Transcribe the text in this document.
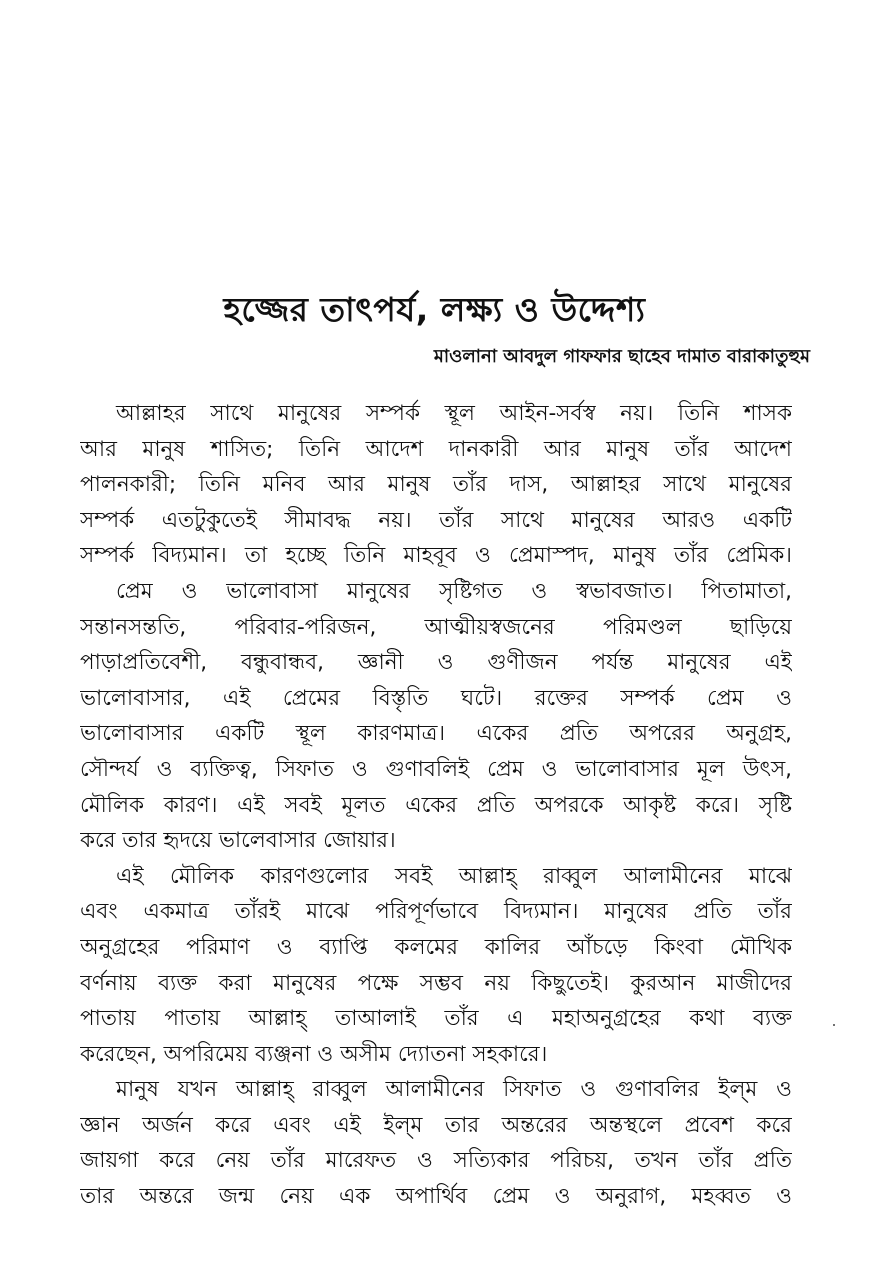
হজ্জের তাৎপর্য, লক্ষ্য ও উদ্দেশ্য
মাওলানা আবদুল গাফফার ছাহেব দামাত বারাকাতুহুম
আল্লাহর সাথে মানুষের সম্পর্ক স্থূল আইন-সর্বস্ব নয়। তিনি শাসক
আর মানুষ শাসিত; তিনি আদেশ দানকারী আর মানুষ তাঁর আদেশ
পালনকারী; তিনি মনিব আর মানুষ তাঁর দাস, আল্লাহর সাথে মানুষের
সম্পর্ক এতটুকুতেই সীমাবদ্ধ নয়। তাঁর সাথে মানুষের আরও একটি
সম্পর্ক বিদ্যমান। তা হচ্ছে তিনি মাহবূব ও প্রেমাস্পদ, মানুষ তাঁর প্রেমিক।
প্রেম ও ভালোবাসা মানুষের সৃষ্টিগত ও স্বভাবজাত। পিতামাতা,
সন্তানসন্ততি, পরিবার-পরিজন, আত্মীয়স্বজনের পরিমণ্ডল ছাড়িয়ে
পাড়াপ্রতিবেশী, বন্ধুবান্ধব, জ্ঞানী ও গুণীজন পর্যন্ত মানুষের এই
ভালোবাসার, এই প্রেমের বিস্তৃতি ঘটে। রক্তের সম্পর্ক প্রেম ও
ভালোবাসার একটি স্থূল কারণমাত্র। একের প্রতি অপরের অনুগ্রহ,
সৌন্দর্য ও ব্যক্তিত্ব, সিফাত ও গুণাবলিই প্রেম ও ভালোবাসার মূল উৎস,
মৌলিক কারণ। এই সবই মূলত একের প্রতি অপরকে আকৃষ্ট করে। সৃষ্টি
করে তার হৃদয়ে ভালেবাসার জোয়ার।
এই মৌলিক কারণগুলোর সবই আল্লাহ্ রাব্বুল আলামীনের মাঝে
এবং একমাত্র তাঁরই মাঝে পরিপূর্ণভাবে বিদ্যমান। মানুষের প্রতি তাঁর
অনুগ্রহের পরিমাণ ও ব্যাপ্তি কলমের কালির আঁচড়ে কিংবা মৌখিক
বর্ণনায় ব্যক্ত করা মানুষের পক্ষে সম্ভব নয় কিছুতেই। কুরআন মাজীদের
পাতায় পাতায় আল্লাহ্ তাআলাই তাঁর এ মহাঅনুগ্রহের কথা ব্যক্ত
করেছেন, অপরিমেয় ব্যঞ্জনা ও অসীম দ্যোতনা সহকারে।
মানুষ যখন আল্লাহ্ রাব্বুল আলামীনের সিফাত ও গুণাবলির ইল্‌ম ও
জ্ঞান অর্জন করে এবং এই ইল্‌ম তার অন্তরের অন্তস্থলে প্রবেশ করে
জায়গা করে নেয় তাঁর মারেফত ও সত্যিকার পরিচয়, তখন তাঁর প্রতি
তার অন্তরে জন্ম নেয় এক অপার্থিব প্রেম ও অনুরাগ, মহব্বত ও
